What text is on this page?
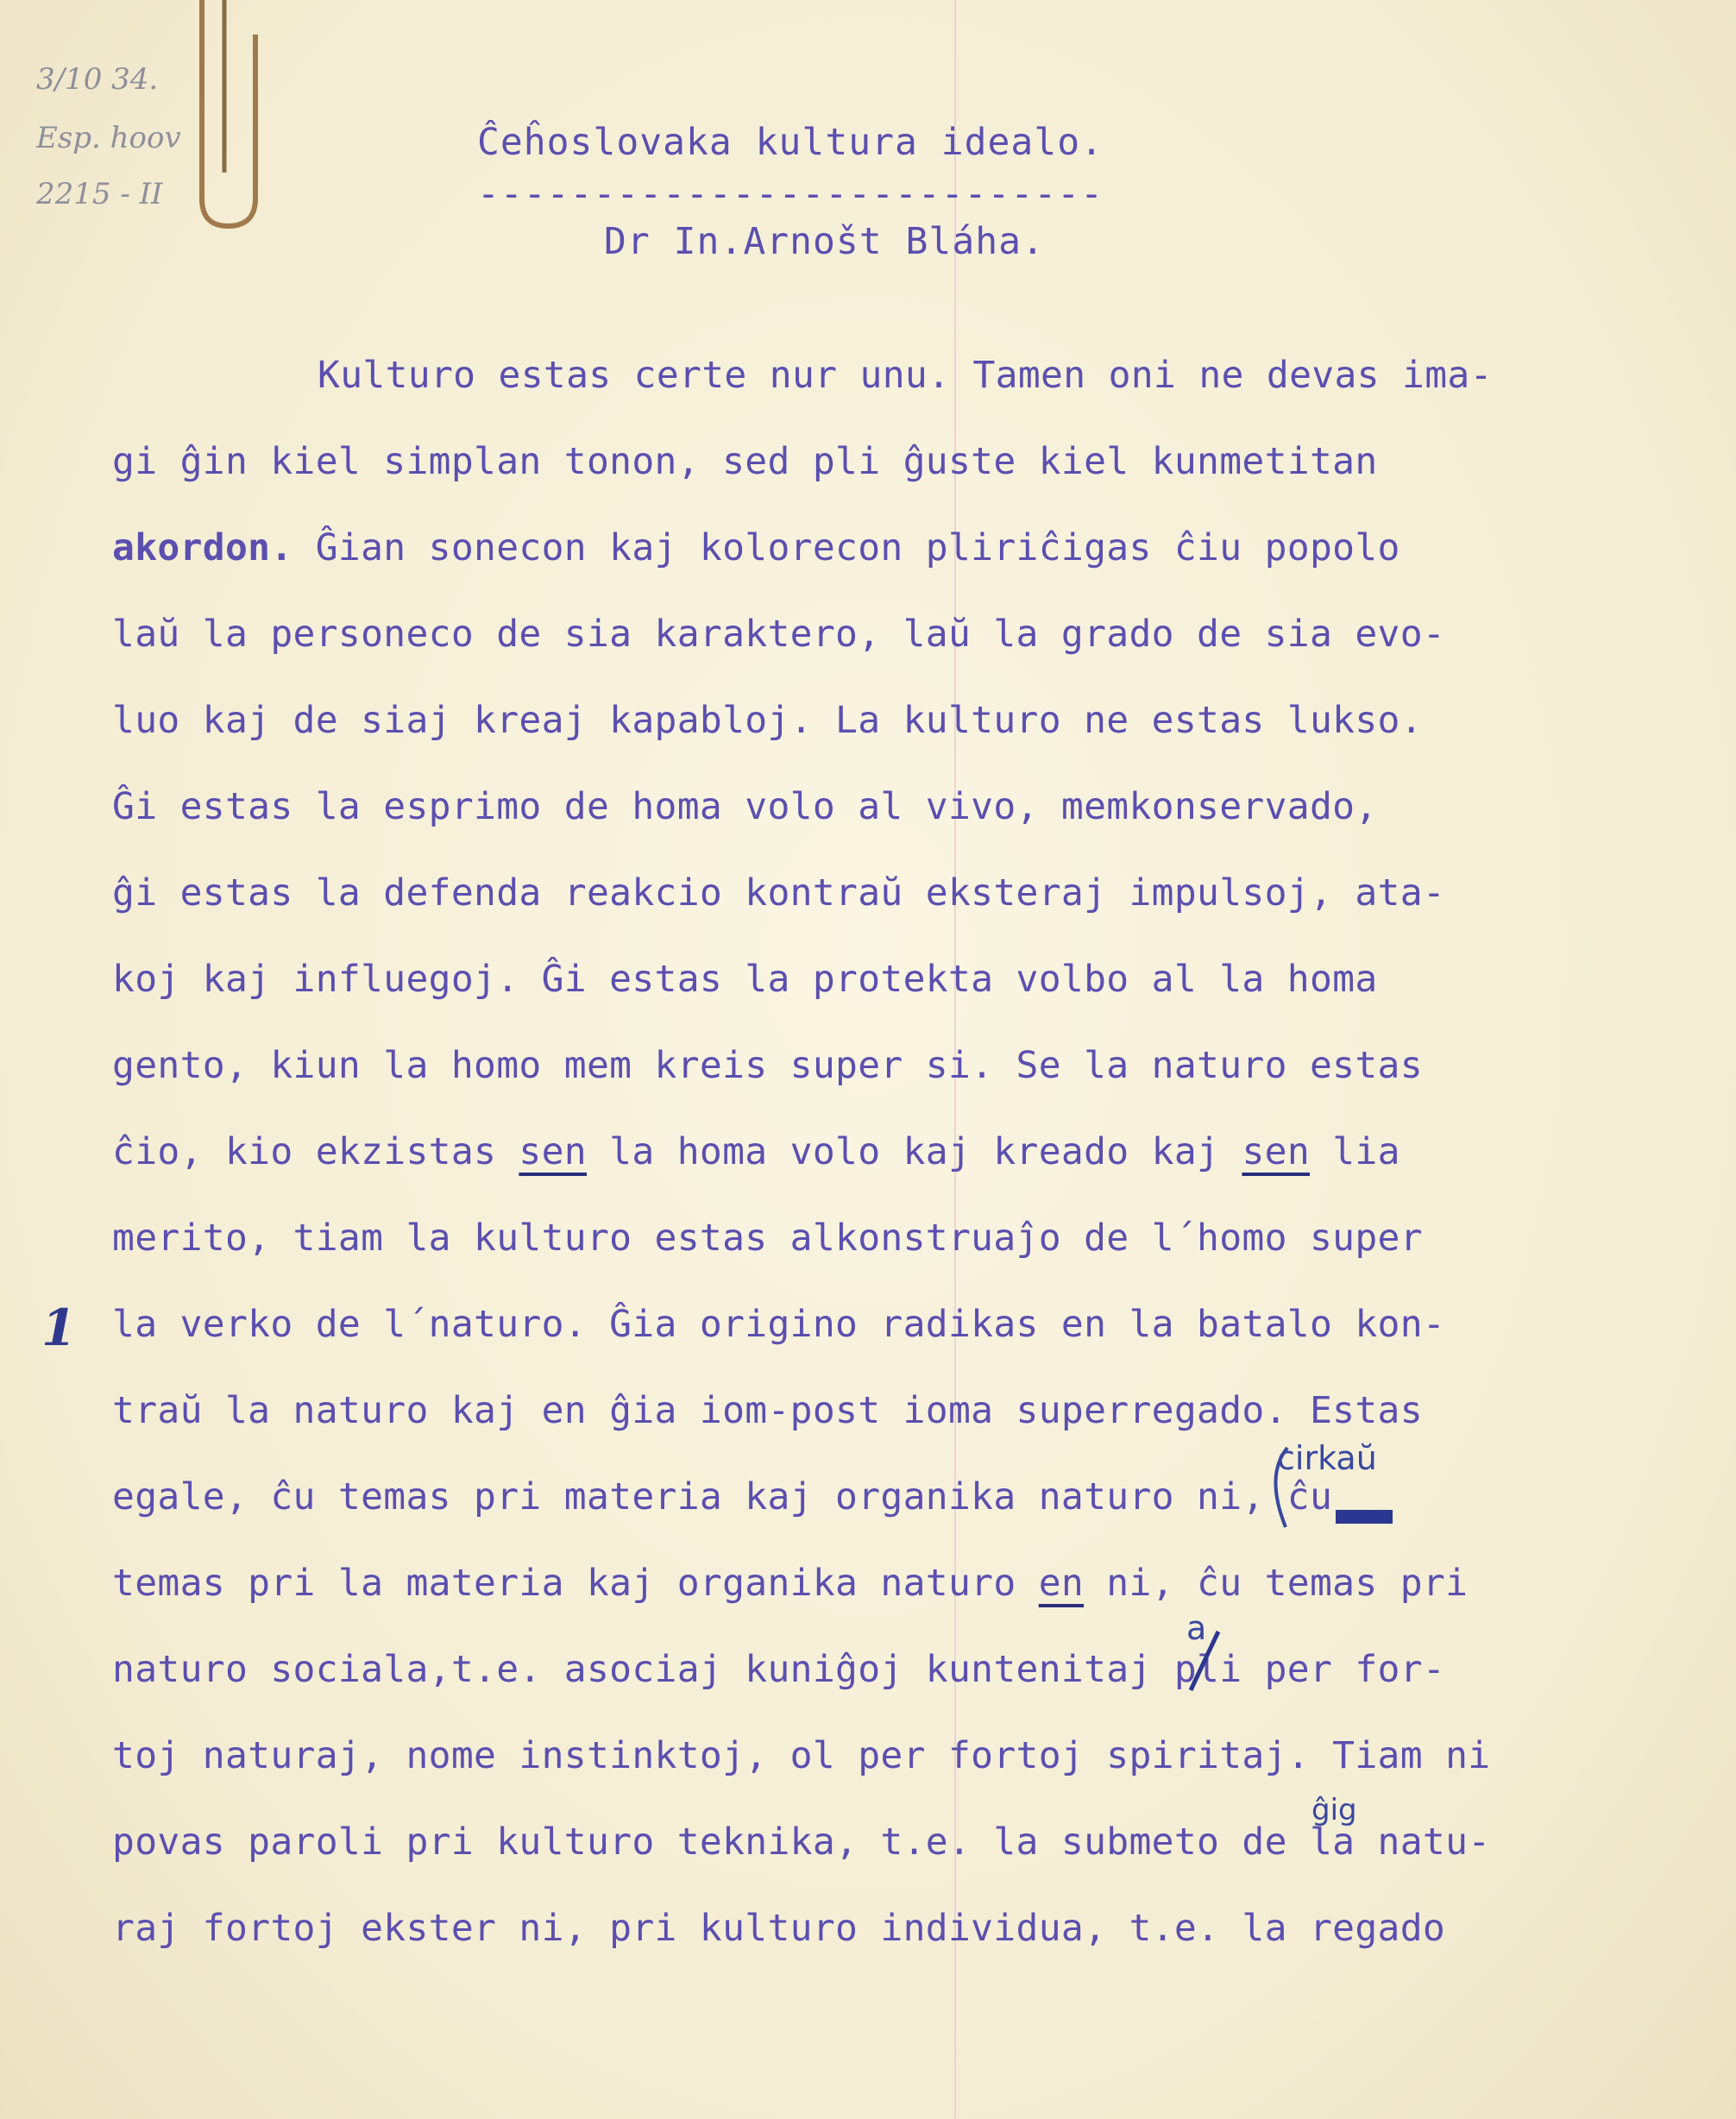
3/10 34.
Esp. hoov
2215 - II
Ĉeĥoslovaka kultura idealo.
---------------------------
Dr In.Arnošt Bláha.
Kulturo estas certe nur unu. Tamen oni ne devas ima-
gi ĝin kiel simplan tonon, sed pli ĝuste kiel kunmetitan
akordon. Ĝian sonecon kaj kolorecon pliriĉigas ĉiu popolo
laŭ la personeco de sia karaktero, laŭ la grado de sia evo-
luo kaj de siaj kreaj kapabloj. La kulturo ne estas lukso.
Ĝi estas la esprimo de homa volo al vivo, memkonservado,
ĝi estas la defenda reakcio kontraŭ eksteraj impulsoj, ata-
koj kaj influegoj. Ĝi estas la protekta volbo al la homa
gento, kiun la homo mem kreis super si. Se la naturo estas
ĉio, kio ekzistas sen la homa volo kaj kreado kaj sen lia
merito, tiam la kulturo estas alkonstruaĵo de l´homo super
la verko de l´naturo. Ĝia origino radikas en la batalo kon-
traŭ la naturo kaj en ĝia iom-post ioma superregado. Estas
egale, ĉu temas pri materia kaj organika naturo ni, ĉu
temas pri la materia kaj organika naturo en ni, ĉu temas pri
naturo sociala,t.e. asociaj kuniĝoj kuntenitaj pli per for-
toj naturaj, nome instinktoj, ol per fortoj spiritaj. Tiam ni
povas paroli pri kulturo teknika, t.e. la submeto de la natu-
raj fortoj ekster ni, pri kulturo individua, t.e. la regado
1
cirkaŭ
a
ĝig
